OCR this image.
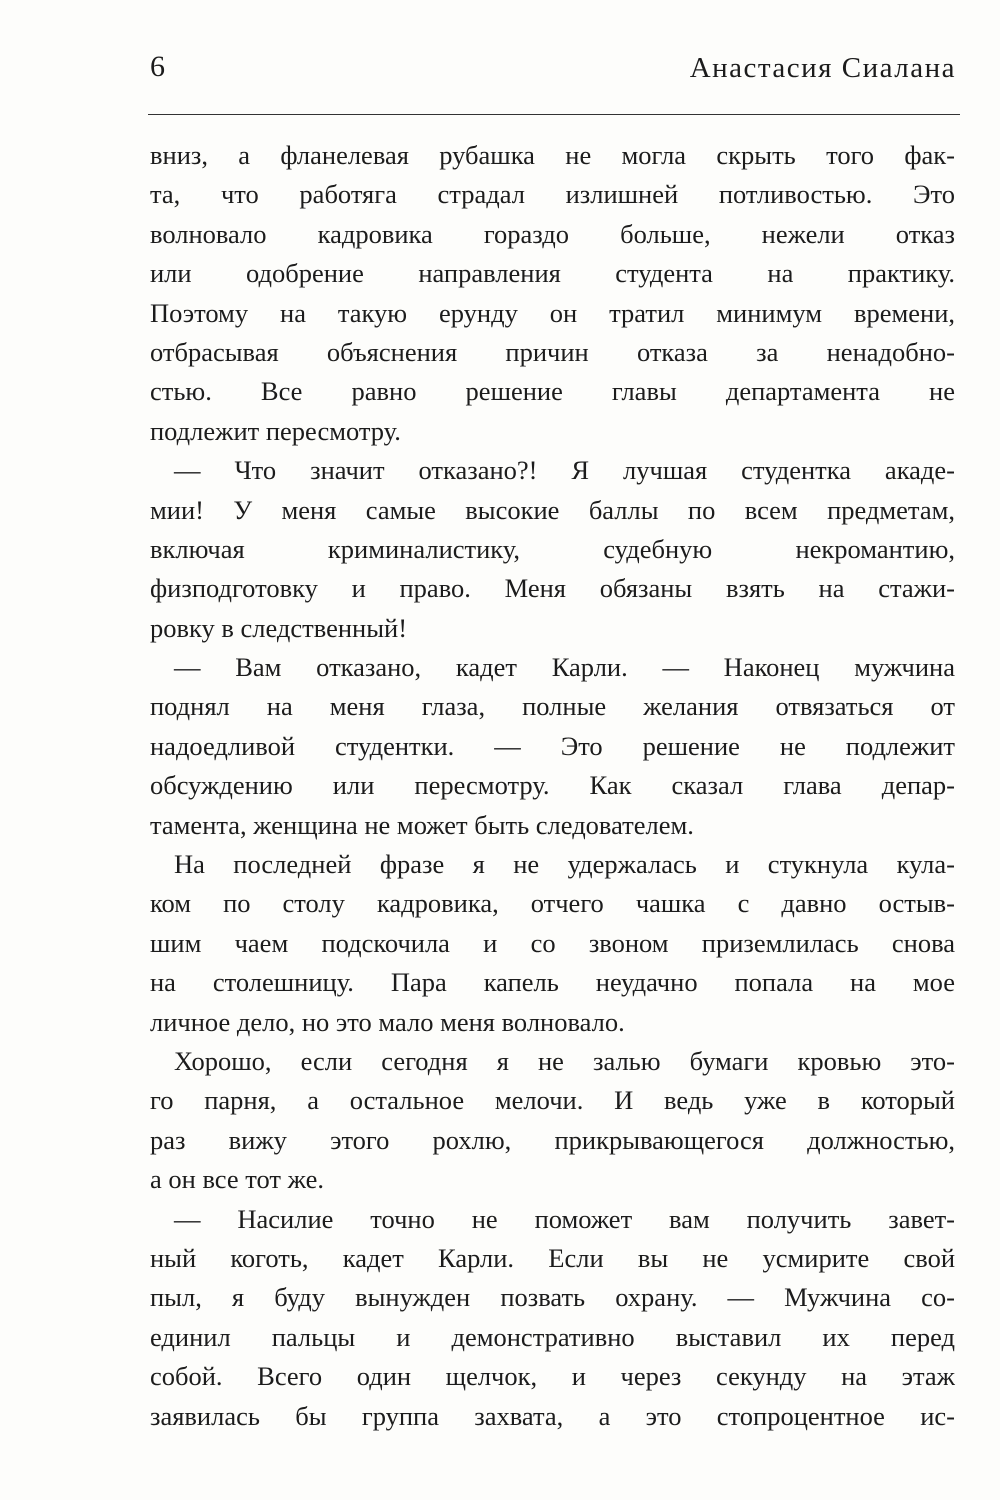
6	Анастасия Сиалана
вниз, а фланелевая рубашка не могла скрыть того фак-
та, что работяга страдал излишней потливостью. Это
волновало кадровика гораздо больше, нежели отказ
или одобрение направления студента на практику.
Поэтому на такую ерунду он тратил минимум времени,
отбрасывая объяснения причин отказа за ненадобно-
стью. Все равно решение главы департамента не
подлежит пересмотру.
— Что значит отказано?! Я лучшая студентка акаде-
мии! У меня самые высокие баллы по всем предметам,
включая криминалистику, судебную некромантию,
физподготовку и право. Меня обязаны взять на стажи-
ровку в следственный!
— Вам отказано, кадет Карли. — Наконец мужчина
поднял на меня глаза, полные желания отвязаться от
надоедливой студентки. — Это решение не подлежит
обсуждению или пересмотру. Как сказал глава депар-
тамента, женщина не может быть следователем.
На последней фразе я не удержалась и стукнула кула-
ком по столу кадровика, отчего чашка с давно остыв-
шим чаем подскочила и со звоном приземлилась снова
на столешницу. Пара капель неудачно попала на мое
личное дело, но это мало меня волновало.
Хорошо, если сегодня я не залью бумаги кровью это-
го парня, а остальное мелочи. И ведь уже в который
раз вижу этого рохлю, прикрывающегося должностью,
а он все тот же.
— Насилие точно не поможет вам получить завет-
ный коготь, кадет Карли. Если вы не усмирите свой
пыл, я буду вынужден позвать охрану. — Мужчина со-
единил пальцы и демонстративно выставил их перед
собой. Всего один щелчок, и через секунду на этаж
заявилась бы группа захвата, а это стопроцентное ис-
